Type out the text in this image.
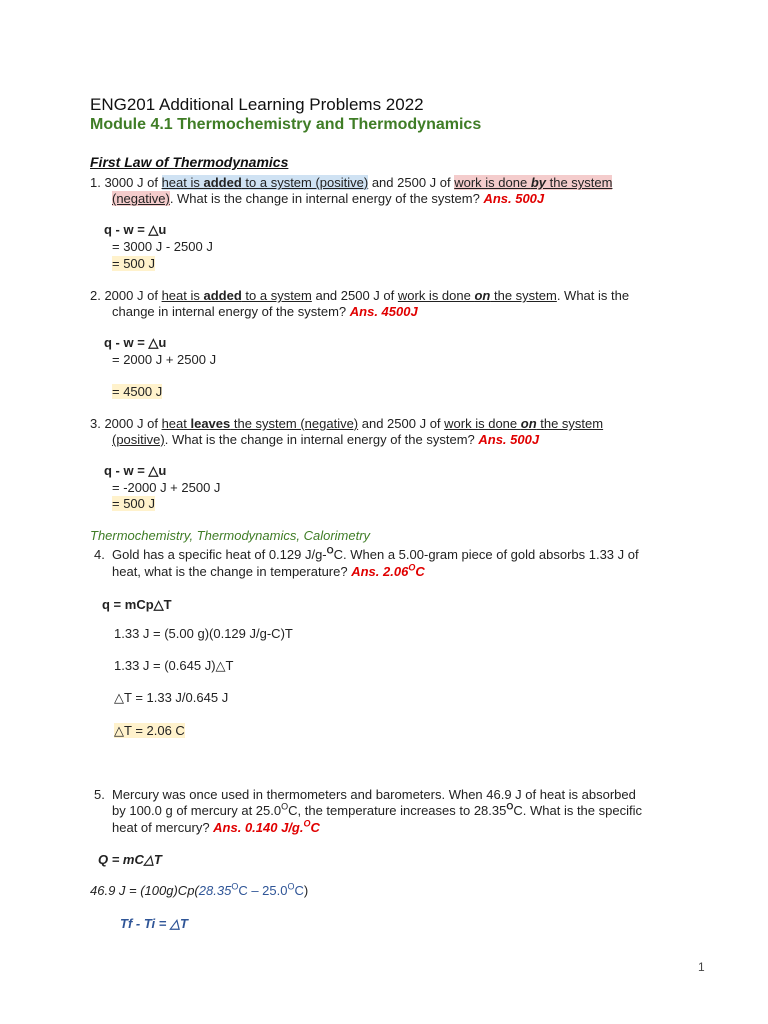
ENG201 Additional Learning Problems 2022
Module 4.1 Thermochemistry and Thermodynamics
First Law of Thermodynamics
1. 3000 J of heat is added to a system (positive) and 2500 J of work is done by the system
(negative). What is the change in internal energy of the system? Ans. 500J
q - w = △u
= 3000 J - 2500 J
= 500 J
2. 2000 J of heat is added to a system and 2500 J of work is done on the system. What is the
change in internal energy of the system? Ans. 4500J
q - w = △u
= 2000 J + 2500 J
= 4500 J
3. 2000 J of heat leaves the system (negative) and 2500 J of work is done on the system
(positive). What is the change in internal energy of the system? Ans. 500J
q - w = △u
= -2000 J + 2500 J
= 500 J
Thermochemistry, Thermodynamics, Calorimetry
4. Gold has a specific heat of 0.129 J/g-$^O$C. When a 5.00-gram piece of gold absorbs 1.33 J of
heat, what is the change in temperature? Ans. $2.06^OC$
q = mCp△T
1.33 J = (5.00 g)(0.129 J/g-C)T
1.33 J = (0.645 J)△T
△T = 1.33 J/0.645 J
△T = 2.06 C
5. Mercury was once used in thermometers and barometers. When 46.9 J of heat is absorbed
by 100.0 g of mercury at $25.0^OC$, the temperature increases to $28.35^OC$. What is the specific
heat of mercury? Ans. 0.140 J/g.$^O$C
Q = mC△T
46.9 $J = (100g)Cp(28.35^OC - 25.0^OC)$
Tf - Ti = △T
1
